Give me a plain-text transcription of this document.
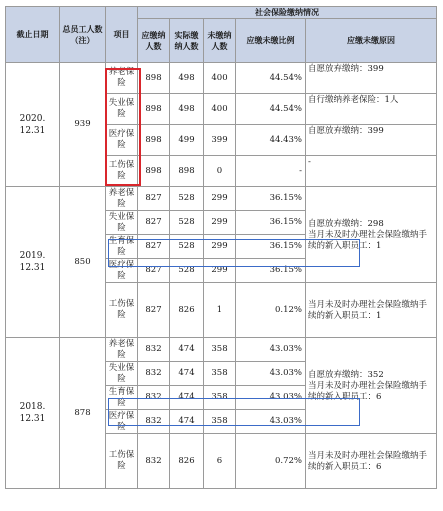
截止日期	总员工人数（注）	项目	社会保险缴纳情况				
			应缴纳人数	实际缴纳人数	未缴纳人数	应缴未缴比例	应缴未缴原因
2020.
12.31	939	养老保险	898	498	400	44.54%	自愿放弃缴纳：399
		失业保险	898	498	400	44.54%	自行缴纳养老保险：1人
		医疗保险	898	499	399	44.43%	自愿放弃缴纳：399
		工伤保险	898	898	0	-	-
2019.
12.31	850	养老保险	827	528	299	36.15%	自愿放弃缴纳：298
当月未及时办理社会保险缴纳手续的新入职员工：1
		失业保险	827	528	299	36.15%	
		生育保险	827	528	299	36.15%	
		医疗保险	827	528	299	36.15%	
		工伤保险	827	826	1	0.12%	当月未及时办理社会保险缴纳手续的新入职员工：1
2018.
12.31	878	养老保险	832	474	358	43.03%	自愿放弃缴纳：352
当月未及时办理社会保险缴纳手续的新入职员工：6
		失业保险	832	474	358	43.03%	
		生育保险	832	474	358	43.03%	
		医疗保险	832	474	358	43.03%	
		工伤保险	832	826	6	0.72%	当月未及时办理社会保险缴纳手续的新入职员工：6
